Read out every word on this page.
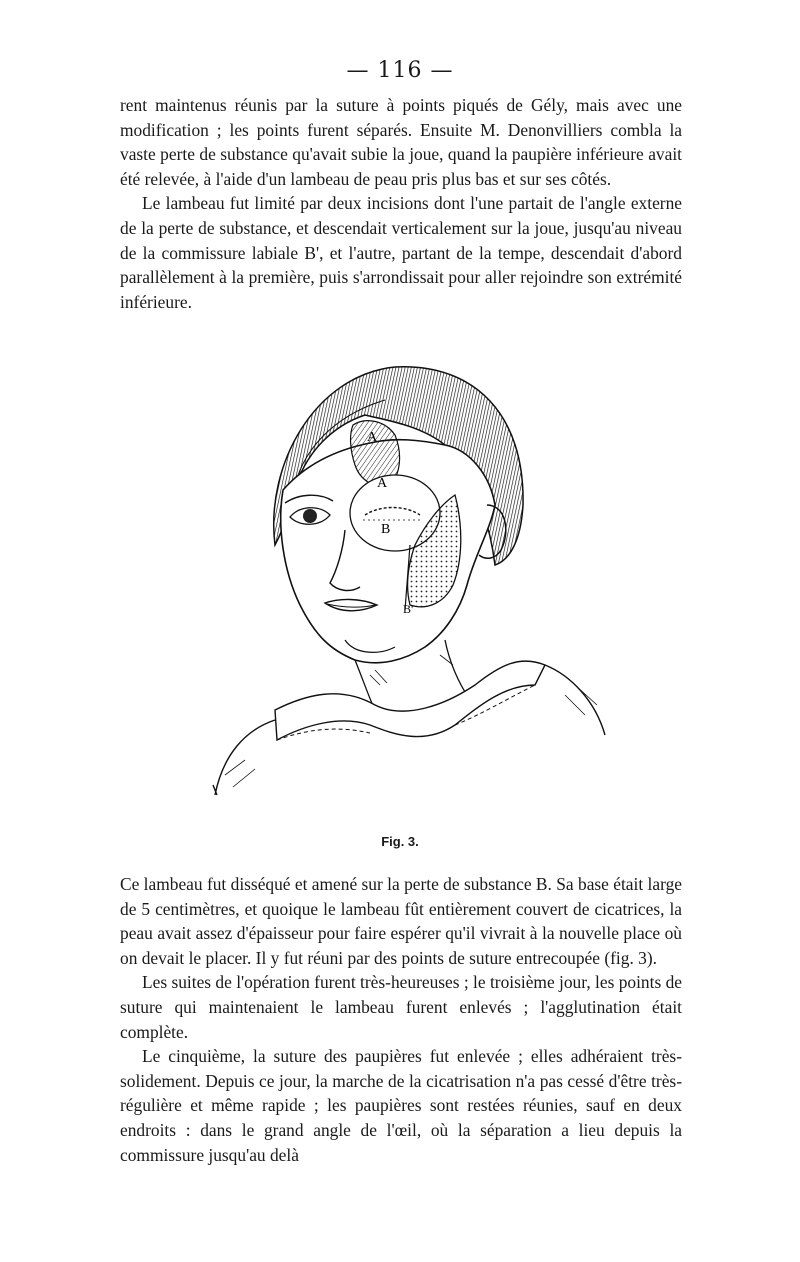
— 116 —

rent maintenus réunis par la suture à points piqués de Gély, mais avec une modification ; les points furent séparés. Ensuite M. Denonvilliers combla la vaste perte de substance qu'avait subie la joue, quand la paupière inférieure avait été relevée, à l'aide d'un lambeau de peau pris plus bas et sur ses côtés.

Le lambeau fut limité par deux incisions dont l'une partait de l'angle externe de la perte de substance, et descendait verticalement sur la joue, jusqu'au niveau de la commissure labiale B', et l'autre, partant de la tempe, descendait d'abord parallèlement à la première, puis s'arrondissait pour aller rejoindre son extrémité inférieure.

A
A
B
B'
Fig. 3.

Ce lambeau fut disséqué et amené sur la perte de substance B. Sa base était large de 5 centimètres, et quoique le lambeau fût entièrement couvert de cicatrices, la peau avait assez d'épaisseur pour faire espérer qu'il vivrait à la nouvelle place où on devait le placer. Il y fut réuni par des points de suture entrecoupée (fig. 3).

Les suites de l'opération furent très-heureuses ; le troisième jour, les points de suture qui maintenaient le lambeau furent enlevés ; l'agglutination était complète.

Le cinquième, la suture des paupières fut enlevée ; elles adhéraient très-solidement. Depuis ce jour, la marche de la cicatrisation n'a pas cessé d'être très-régulière et même rapide ; les paupières sont restées réunies, sauf en deux endroits : dans le grand angle de l'œil, où la séparation a lieu depuis la commissure jusqu'au delà
